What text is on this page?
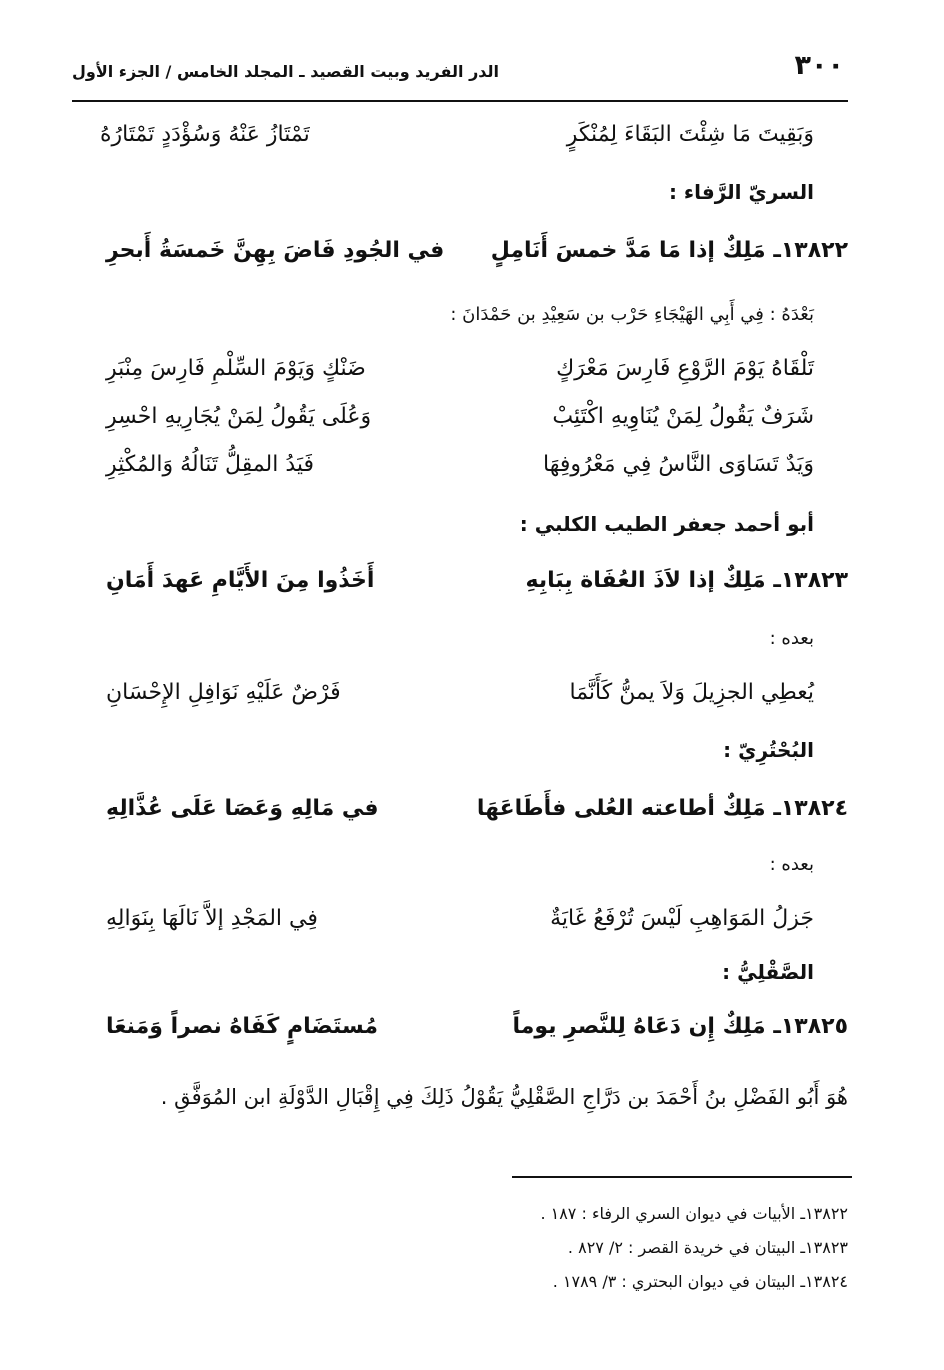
الدر الفريد وبيت القصيد ـ المجلد الخامس / الجزء الأول	٣٠٠
وَبَقِيتَ مَا شِئْتَ البَقَاءَ لِمُنْكَرٍ
تَمْتَازُ عَنْهُ وَسُؤْدَدٍ تَمْتَارُهُ
السريّ الرَّفاء :
١٣٨٢٢ـ مَلِكٌ إذا مَا مَدَّ خمسَ أَنَامِلٍ
في الجُودِ فَاضَ بِهِنَّ خَمسَةُ أَبحرِ
بَعْدَهُ : فِي أَبِي الهَيْجَاءِ حَرْب بن سَعِيْدِ بن حَمْدَانَ :
تَلْقَاهُ يَوْمَ الرَّوْعِ فَارِسَ مَعْرَكٍ
ضَنْكٍ وَيَوْمَ السِّلْمِ فَارِسَ مِنْبَرِ
شَرَفٌ يَقُولُ لِمَنْ يُنَاوِيهِ اكْتَئِبْ
وَعُلَى يَقُولُ لِمَنْ يُجَارِيهِ احْسِرِ
وَيَدٌ تَسَاوَى النَّاسُ فِي مَعْرُوفِهَا
فَيَدُ المقِلُّ تَنَالُهُ وَالمُكْثِرِ
أبو أحمد جعفر الطيب الكلبي :
١٣٨٢٣ـ مَلِكٌ إذا لاَذَ العُفَاة بِبَابِهِ
أَخَذُوا مِنَ الأَيَّامِ عَهدَ أَمَانِ
بعده :
يُعطِي الجزِيلَ وَلاَ يمنُّ كَأَنَّمَا
فَرْضٌ عَلَيْهِ نَوَافِلِ الإِحْسَانِ
البُحْتُرِيّ :
١٣٨٢٤ـ مَلِكٌ أطاعته العُلى فأَطَاعَهَا
في مَالِهِ وَعَصَا عَلَى عُذَّالِهِ
بعده :
جَزلُ المَوَاهِبِ لَيْسَ تُرْفَعُ غَايَةٌ
فِي المَجْدِ إلاَّ نَالَهَا بِنَوَالِهِ
الصَّقْلِيُّ :
١٣٨٢٥ـ مَلِكٌ إِن دَعَاهُ لِلنَّصرِ يوماً
مُستَضَامٍ كَفَاهُ نصراً وَمَنعَا
هُوَ أَبُو الفَضْلِ بنُ أَحْمَدَ بن دَرَّاجِ الصَّقْلِيُّ يَقُوْلُ ذَلِكَ فِي إِقْبَالِ الدَّوْلَةِ ابن المُوَفَّقِ .
١٣٨٢٢ـ الأبيات في ديوان السري الرفاء : ١٨٧ .
١٣٨٢٣ـ البيتان في خريدة القصر : ٢/ ٨٢٧ .
١٣٨٢٤ـ البيتان في ديوان البحتري : ٣/ ١٧٨٩ .
